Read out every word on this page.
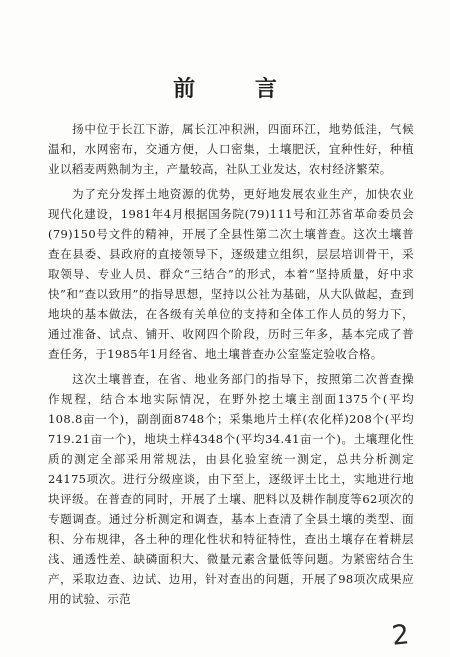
前 言

扬中位于长江下游，属长江冲积洲，四面环江，地势低洼，气候温和，水网密布，交通方便，人口密集，土壤肥沃，宜种性好，种植业以稻麦两熟制为主，产量较高，社队工业发达，农村经济繁荣。

为了充分发挥土地资源的优势，更好地发展农业生产，加快农业现代化建设，1981年4月根据国务院(79)111号和江苏省革命委员会(79)150号文件的精神，开展了全县性第二次土壤普查。这次土壤普查在县委、县政府的直接领导下，逐级建立组织，层层培训骨干，采取领导、专业人员、群众“三结合”的形式，本着“坚持质量，好中求快”和“查以致用”的指导思想，坚持以公社为基础，从大队做起，查到地块的基本做法，在各级有关单位的支持和全体工作人员的努力下，通过准备、试点、铺开、收网四个阶段，历时三年多，基本完成了普查任务，于1985年1月经省、地土壤普查办公室鉴定验收合格。

这次土壤普查，在省、地业务部门的指导下，按照第二次普查操作规程，结合本地实际情况，在野外挖土壤主剖面1375个(平均108.8亩一个)，副剖面8748个；采集地片土样(农化样)208个(平均719.21亩一个)，地块土样4348个(平均34.41亩一个)。土壤理化性质的测定全部采用常规法，由县化验室统一测定，总共分析测定24175项次。进行分级座谈，由下至上，逐级评土比土，实地进行地块评级。在普查的同时，开展了土壤、肥料以及耕作制度等62项次的专题调查。通过分析测定和调查，基本上查清了全县土壤的类型、面积、分布规律，各土种的理化性状和特征特性，查出土壤存在着耕层浅、通透性差、缺磷面积大、微量元素含量低等问题。为紧密结合生产，采取边查、边试、边用，针对查出的问题，开展了98项次成果应用的试验、示范

2
